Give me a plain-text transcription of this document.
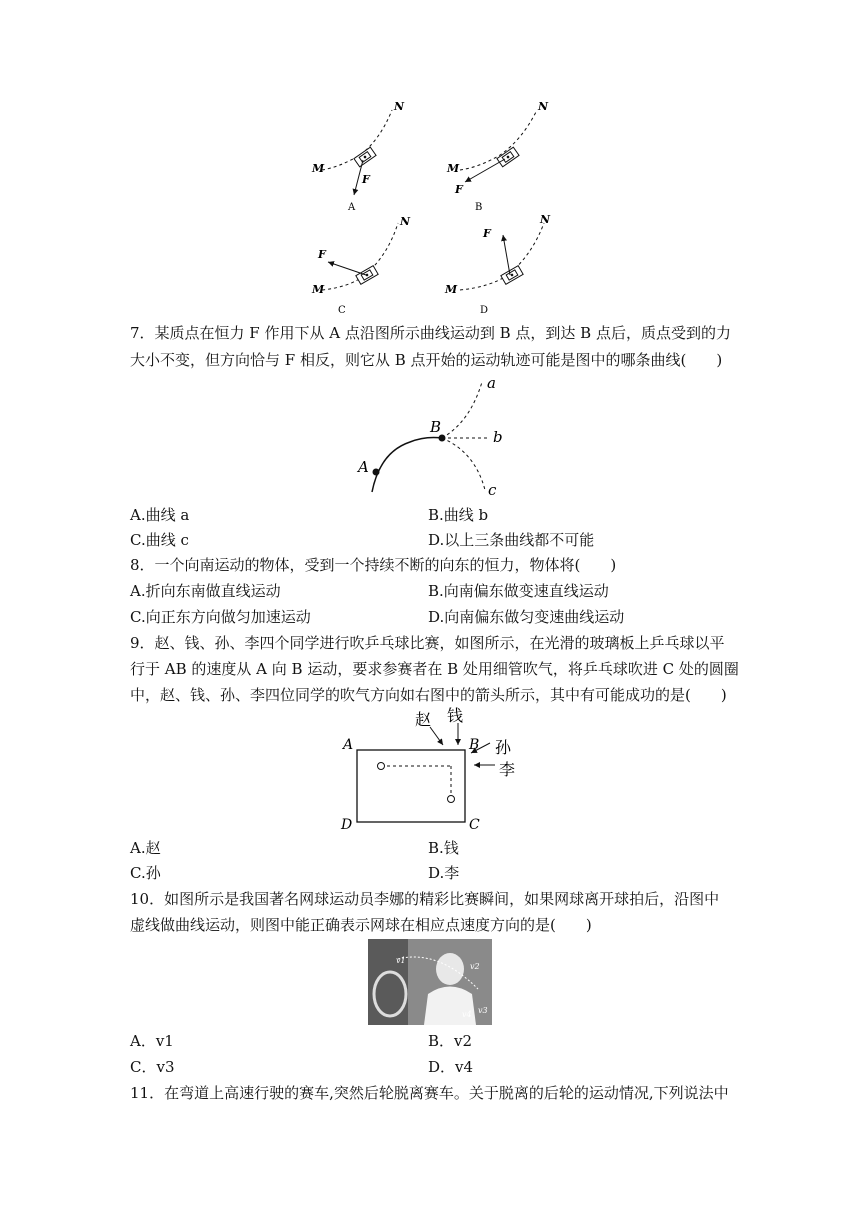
M
N
F
A
M
N
F
B
M
N
F
C
M
N
F
D
7．某质点在恒力 F 作用下从 A 点沿图所示曲线运动到 B 点，到达 B 点后，质点受到的力
大小不变，但方向恰与 F 相反，则它从 B 点开始的运动轨迹可能是图中的哪条曲线(　　)
a
b
c
A
B
A.曲线 a	B.曲线 b
C.曲线 c	D.以上三条曲线都不可能
8．一个向南运动的物体，受到一个持续不断的向东的恒力，物体将(　　)
A.折向东南做直线运动	B.向南偏东做变速直线运动
C.向正东方向做匀加速运动	D.向南偏东做匀变速曲线运动
9．赵、钱、孙、李四个同学进行吹乒乓球比赛，如图所示，在光滑的玻璃板上乒乓球以平
行于 AB 的速度从 A 向 B 运动，要求参赛者在 B 处用细管吹气，将乒乓球吹进 C 处的圆圈
中，赵、钱、孙、李四位同学的吹气方向如右图中的箭头所示，其中有可能成功的是(　　)
A	B
C
D
赵 钱
孙
李
A.赵	B.钱
C.孙	D.李
10．如图所示是我国著名网球运动员李娜的精彩比赛瞬间，如果网球离开球拍后，沿图中
虚线做曲线运动，则图中能正确表示网球在相应点速度方向的是(　　)
v1
v2
v3
v4
A．v1	B．v2
C．v3	D．v4
11．在弯道上高速行驶的赛车,突然后轮脱离赛车。关于脱离的后轮的运动情况,下列说法中
